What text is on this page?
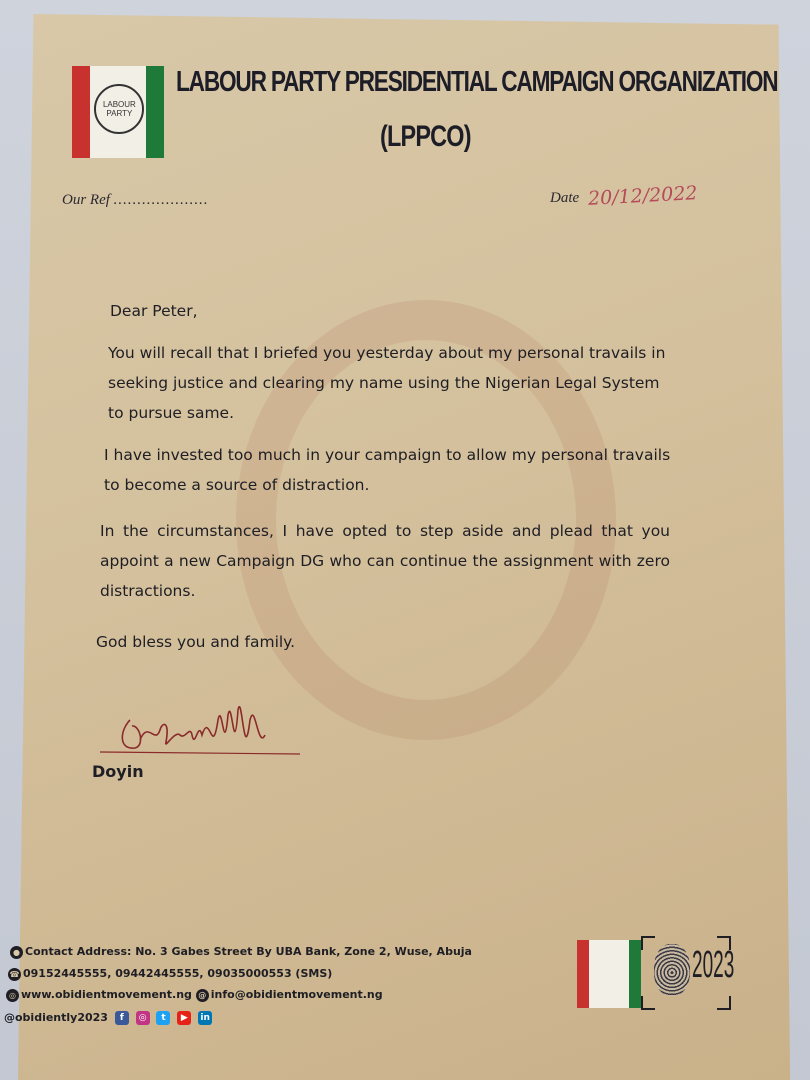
LABOUR PARTY
LABOUR PARTY PRESIDENTIAL CAMPAIGN ORGANIZATION
(LPPCO)
Our Ref ....................	Date 20/12/2022
Dear Peter,
You will recall that I briefed you yesterday about my personal travails in seeking justice and clearing my name using the Nigerian Legal System to pursue same.
I have invested too much in your campaign to allow my personal travails to become a source of distraction.
In the circumstances, I have opted to step aside and plead that you appoint a new Campaign DG who can continue the assignment with zero distractions.
God bless you and family.
Doyin
● Contact Address: No. 3 Gabes Street By UBA Bank, Zone 2, Wuse, Abuja
☎ 09152445555, 09442445555, 09035000553 (SMS)
◎ www.obidientmovement.ng @ info@obidientmovement.ng
@obidiently2023 f ◎ t ▶ in
2023
